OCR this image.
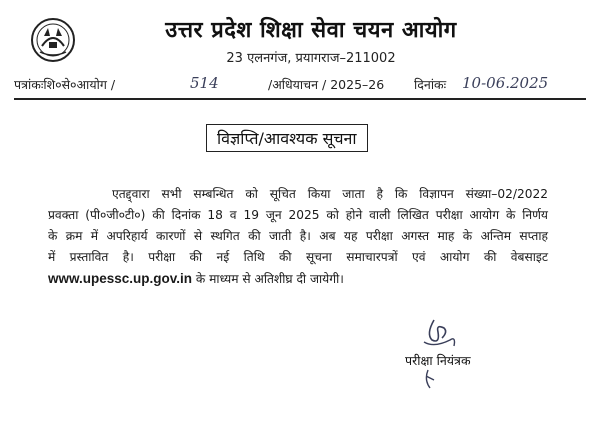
उत्तर प्रदेश शिक्षा सेवा चयन आयोग
23 एलनगंज, प्रयागराज–211002
पत्रांकःशि०से०आयोग /	514	/अधियाचन / 2025–26 दिनांकः 10-06.2025
विज्ञप्ति/आवश्यक सूचना
एतद्द्वारा सभी सम्बन्धित को सूचित किया जाता है कि विज्ञापन संख्या–02/2022
प्रवक्ता (पी०जी०टी०) की दिनांक 18 व 19 जून 2025 को होने वाली लिखित परीक्षा आयोग के निर्णय
के क्रम में अपरिहार्य कारणों से स्थगित की जाती है। अब यह परीक्षा अगस्त माह के अन्तिम सप्ताह
में प्रस्तावित है। परीक्षा की नई तिथि की सूचना समाचारपत्रों एवं आयोग की वेबसाइट
www.upessc.up.gov.in के माध्यम से अतिशीघ्र दी जायेगी।
परीक्षा नियंत्रक
